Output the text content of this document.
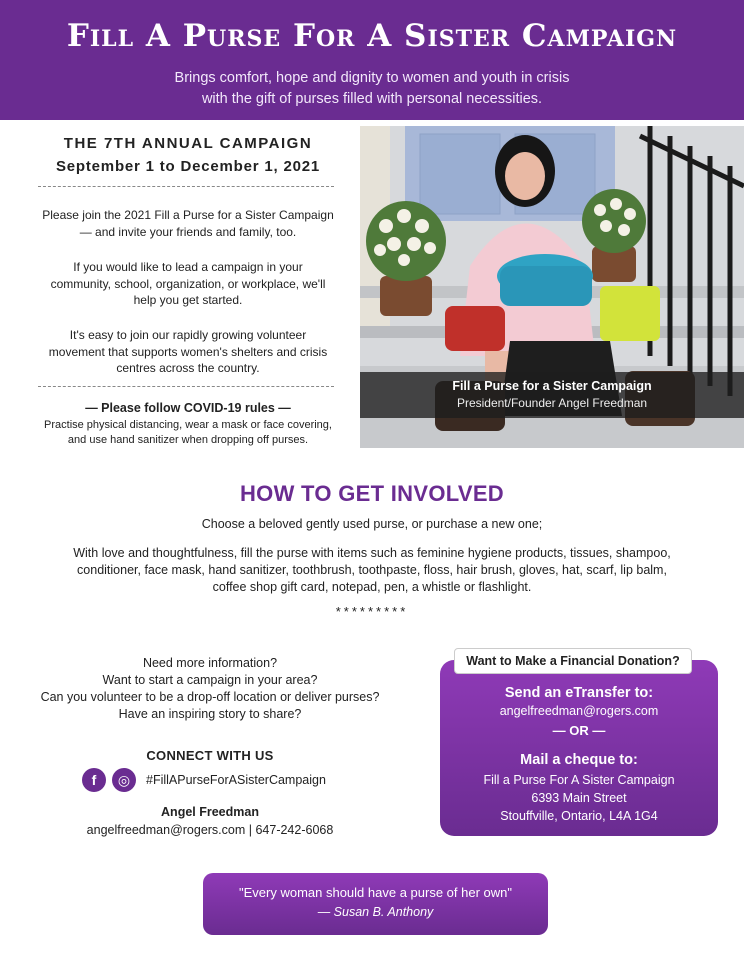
Fill A Purse For A Sister Campaign
Brings comfort, hope and dignity to women and youth in crisis
with the gift of purses filled with personal necessities.
THE 7TH ANNUAL CAMPAIGN
September 1 to December 1, 2021
Please join the 2021 Fill a Purse for a Sister Campaign
— and invite your friends and family, too.
If you would like to lead a campaign in your
community, school, organization, or workplace, we'll
help you get started.
It's easy to join our rapidly growing volunteer
movement that supports women's shelters and crisis
centres across the country.
— Please follow COVID-19 rules —
Practise physical distancing, wear a mask or face covering,
and use hand sanitizer when dropping off purses.
Fill a Purse for a Sister Campaign
President/Founder Angel Freedman
HOW TO GET INVOLVED
Choose a beloved gently used purse, or purchase a new one;
With love and thoughtfulness, fill the purse with items such as feminine hygiene products, tissues, shampoo,
conditioner, face mask, hand sanitizer, toothbrush, toothpaste, floss, hair brush, gloves, hat, scarf, lip balm,
coffee shop gift card, notepad, pen, a whistle or flashlight.
*********
Need more information?
Want to start a campaign in your area?
Can you volunteer to be a drop-off location or deliver purses?
Have an inspiring story to share?
CONNECT WITH US
f	◎	#FillAPurseForASisterCampaign
Angel Freedman
angelfreedman@rogers.com | 647-242-6068
Want to Make a Financial Donation?
Send an eTransfer to:
angelfreedman@rogers.com
— OR —
Mail a cheque to:
Fill a Purse For A Sister Campaign
6393 Main Street
Stouffville, Ontario, L4A 1G4
"Every woman should have a purse of her own"
— Susan B. Anthony
